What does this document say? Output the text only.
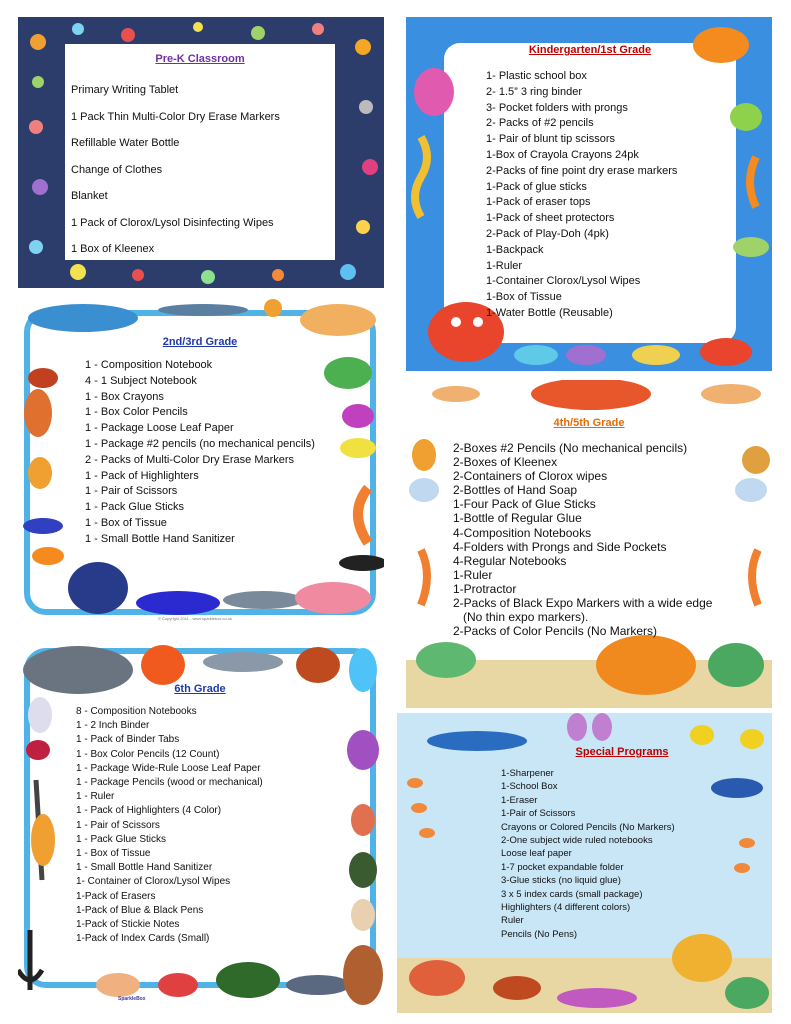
Pre-K Classroom
Primary Writing Tablet
1 Pack Thin Multi-Color Dry Erase Markers
Refillable Water Bottle
Change of Clothes
Blanket
1 Pack of Clorox/Lysol Disinfecting Wipes
1 Box of Kleenex
Kindergarten/1st Grade
1- Plastic school box
2- 1.5” 3 ring binder
3- Pocket folders with prongs
2- Packs of #2 pencils
1- Pair of blunt tip scissors
1-Box of Crayola Crayons 24pk
2-Packs of fine point dry erase markers
1-Pack of glue sticks
1-Pack of eraser tops
1-Pack of sheet protectors
2-Pack of Play-Doh (4pk)
1-Backpack
1-Ruler
1-Container Clorox/Lysol Wipes
1-Box of Tissue
1-Water Bottle (Reusable)
2nd/3rd Grade
1 - Composition Notebook
4 - 1 Subject Notebook
1 - Box Crayons
1 - Box Color Pencils
1 - Package Loose Leaf Paper
1 - Package #2 pencils (no mechanical pencils)
2 - Packs of Multi-Color Dry Erase Markers
1 - Pack of Highlighters
1 - Pair of Scissors
1 - Pack Glue Sticks
1 - Box of Tissue
1 - Small Bottle Hand Sanitizer
© Copyright 2011 - www.sparklebox.co.uk
4th/5th Grade
2-Boxes #2 Pencils (No mechanical pencils)
2-Boxes of Kleenex
2-Containers of Clorox wipes
2-Bottles of Hand Soap
1-Four Pack of Glue Sticks
1-Bottle of Regular Glue
4-Composition Notebooks
4-Folders with Prongs and Side Pockets
4-Regular Notebooks
1-Ruler
1-Protractor
2-Packs of Black Expo Markers with a wide edge
(No thin expo markers).
2-Packs of Color Pencils (No Markers)
6th Grade
8 - Composition Notebooks
1 - 2 Inch Binder
1 - Pack of Binder Tabs
1 - Box Color Pencils (12 Count)
1 - Package Wide-Rule Loose Leaf Paper
1 - Package Pencils (wood or mechanical)
1 - Ruler
1 - Pack of Highlighters (4 Color)
1 - Pair of Scissors
1 - Pack Glue Sticks
1 - Box of Tissue
1 - Small Bottle Hand Sanitizer
1- Container of Clorox/Lysol Wipes
1-Pack of Erasers
1-Pack of Blue & Black Pens
1-Pack of Stickie Notes
1-Pack of Index Cards (Small)
SparkleBox
Special Programs
1-Sharpener
1-School Box
1-Eraser
1-Pair of Scissors
Crayons or Colored Pencils (No Markers)
2-One subject wide ruled notebooks
Loose leaf paper
1-7 pocket expandable folder
3-Glue sticks (no liquid glue)
3 x 5 index cards (small package)
Highlighters (4 different colors)
Ruler
Pencils (No Pens)
